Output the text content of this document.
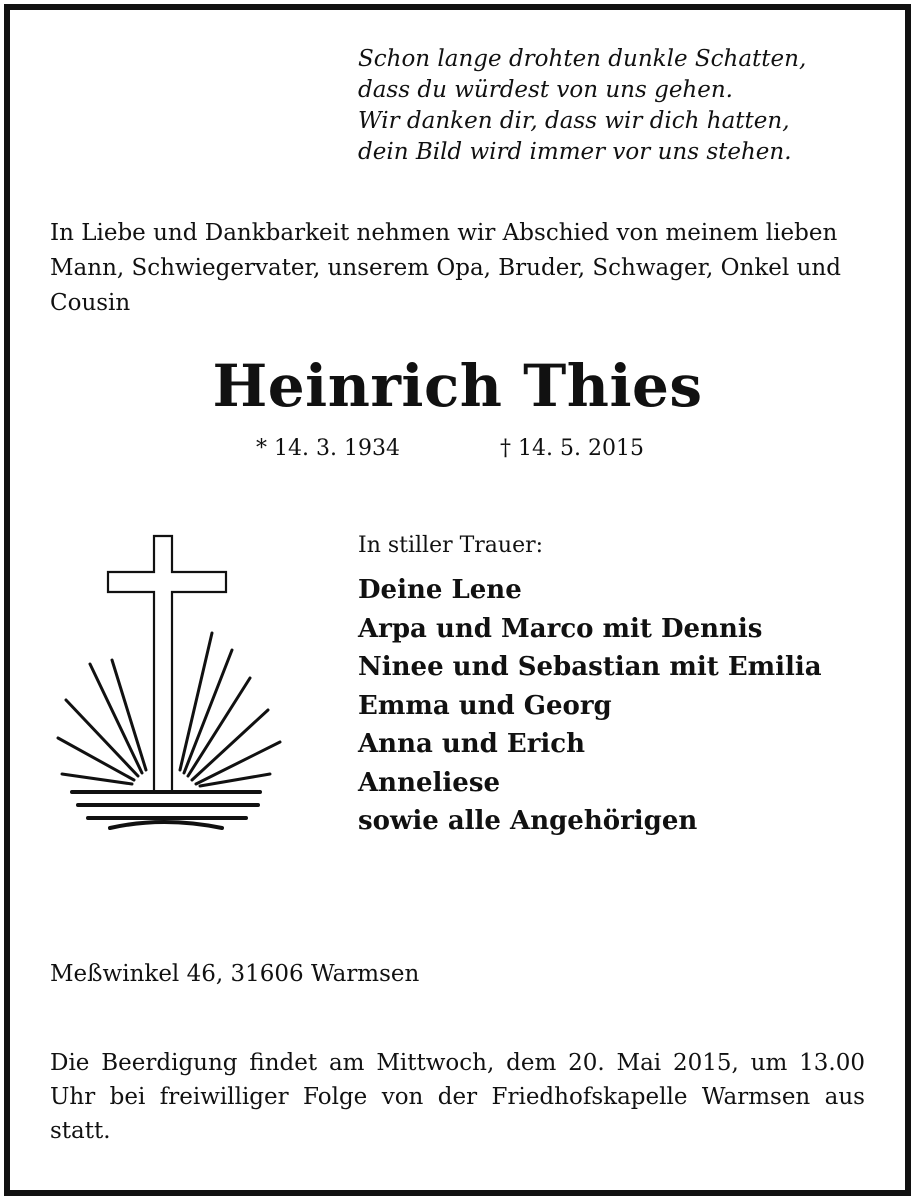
Schon lange drohten dunkle Schatten,
dass du würdest von uns gehen.
Wir danken dir, dass wir dich hatten,
dein Bild wird immer vor uns stehen.
In Liebe und Dankbarkeit nehmen wir Abschied von meinem lieben Mann, Schwiegervater, unserem Opa, Bruder, Schwager, Onkel und Cousin
Heinrich Thies
* 14. 3. 1934	† 14. 5. 2015
In stiller Trauer:
Deine Lene
Arpa und Marco mit Dennis
Ninee und Sebastian mit Emilia
Emma und Georg
Anna und Erich
Anneliese
sowie alle Angehörigen
Meßwinkel 46, 31606 Warmsen
Die Beerdigung findet am Mittwoch, dem 20. Mai 2015, um 13.00 Uhr bei freiwilliger Folge von der Friedhofskapelle Warmsen aus statt.
